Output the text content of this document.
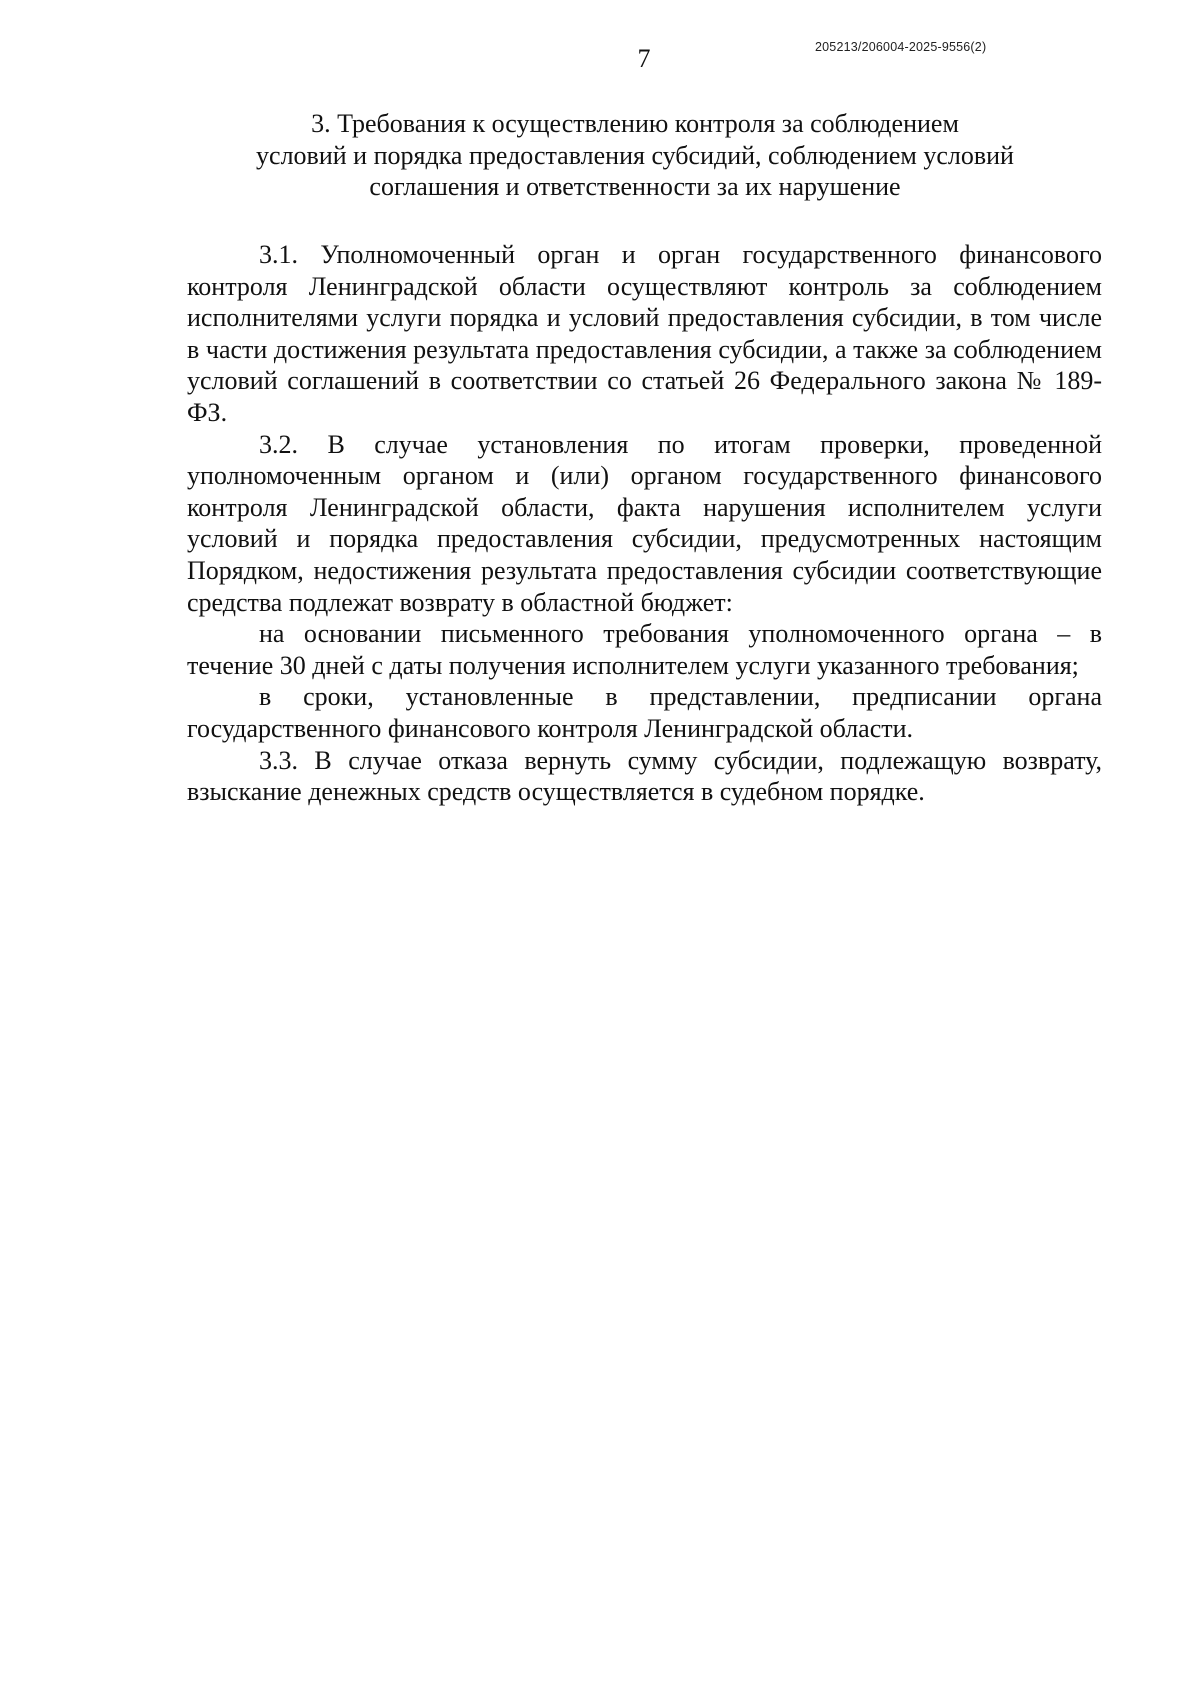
205213/206004-2025-9556(2)
7
3. Требования к осуществлению контроля за соблюдением
условий и порядка предоставления субсидий, соблюдением условий
соглашения и ответственности за их нарушение

3.1. Уполномоченный орган и орган государственного финансового контроля Ленинградской области осуществляют контроль за соблюдением исполнителями услуги порядка и условий предоставления субсидии, в том числе в части достижения результата предоставления субсидии, а также за соблюдением условий соглашений в соответствии со статьей 26 Федерального закона № 189-ФЗ.

3.2. В случае установления по итогам проверки, проведенной уполномоченным органом и (или) органом государственного финансового контроля Ленинградской области, факта нарушения исполнителем услуги условий и порядка предоставления субсидии, предусмотренных настоящим Порядком, недостижения результата предоставления субсидии соответствующие средства подлежат возврату в областной бюджет:

на основании письменного требования уполномоченного органа – в течение 30 дней с даты получения исполнителем услуги указанного требования;

в сроки, установленные в представлении, предписании органа государственного финансового контроля Ленинградской области.

3.3. В случае отказа вернуть сумму субсидии, подлежащую возврату, взыскание денежных средств осуществляется в судебном порядке.
